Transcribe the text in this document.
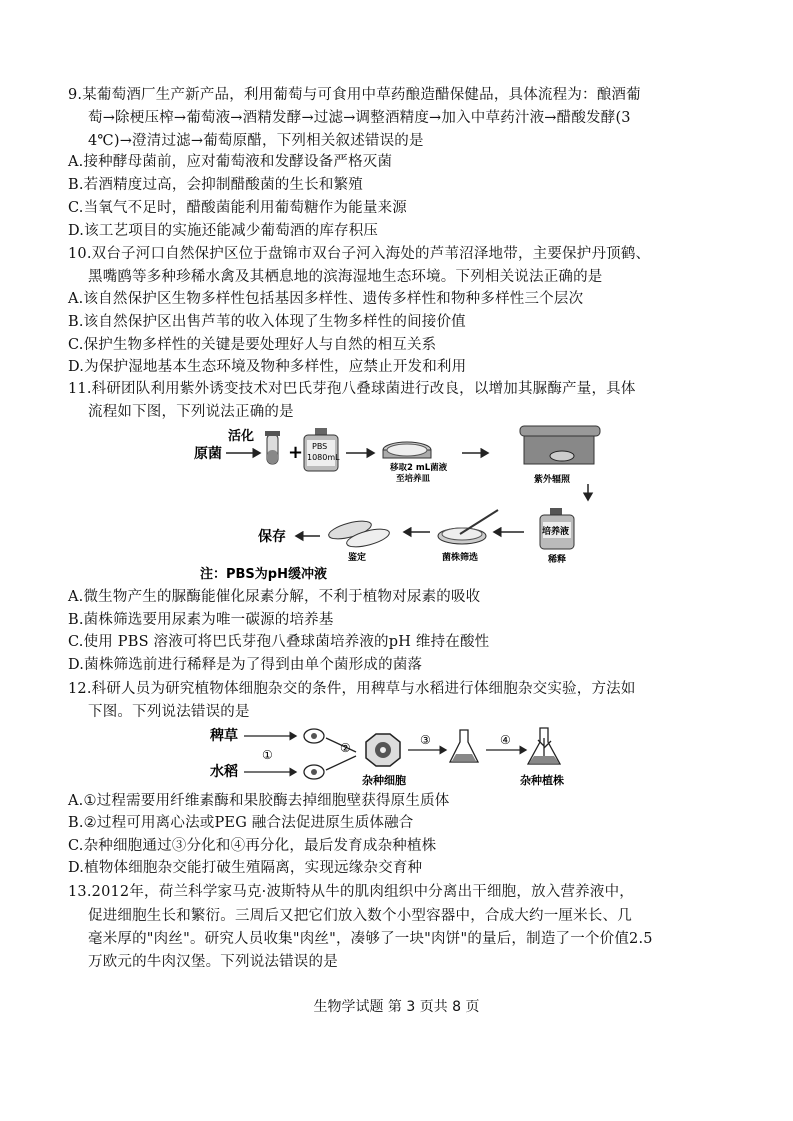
9.某葡萄酒厂生产新产品，利用葡萄与可食用中草药酿造醋保健品，具体流程为：酿酒葡
萄→除梗压榨→葡萄液→酒精发酵→过滤→调整酒精度→加入中草药汁液→醋酸发酵(3
4℃)→澄清过滤→葡萄原醋，下列相关叙述错误的是
A.接种酵母菌前，应对葡萄液和发酵设备严格灭菌
B.若酒精度过高，会抑制醋酸菌的生长和繁殖
C.当氧气不足时，醋酸菌能利用葡萄糖作为能量来源
D.该工艺项目的实施还能减少葡萄酒的库存积压
10.双台子河口自然保护区位于盘锦市双台子河入海处的芦苇沼泽地带，主要保护丹顶鹤、
黑嘴鸥等多种珍稀水禽及其栖息地的滨海湿地生态环境。下列相关说法正确的是
A.该自然保护区生物多样性包括基因多样性、遗传多样性和物种多样性三个层次
B.该自然保护区出售芦苇的收入体现了生物多样性的间接价值
C.保护生物多样性的关键是要处理好人与自然的相互关系
D.为保护湿地基本生态环境及物种多样性，应禁止开发和利用
11.科研团队利用紫外诱变技术对巴氏芽孢八叠球菌进行改良，以增加其脲酶产量，具体
流程如下图，下列说法正确的是
原菌
活化
+ PBS
1080mL
移取2 mL菌液
至培养皿	紫外辐照
培养液
稀释
菌株筛选
鉴定
保存
注：PBS为pH缓冲液
A.微生物产生的脲酶能催化尿素分解，不利于植物对尿素的吸收
B.菌株筛选要用尿素为唯一碳源的培养基
C.使用 PBS 溶液可将巴氏芽孢八叠球菌培养液的pH 维持在酸性
D.菌株筛选前进行稀释是为了得到由单个菌形成的菌落
12.科研人员为研究植物体细胞杂交的条件，用稗草与水稻进行体细胞杂交实验，方法如
下图。下列说法错误的是
稗草
水稻
①	②
杂种细胞
③	④
杂种植株
A.①过程需要用纤维素酶和果胶酶去掉细胞壁获得原生质体
B.②过程可用离心法或PEG 融合法促进原生质体融合
C.杂种细胞通过③分化和④再分化，最后发育成杂种植株
D.植物体细胞杂交能打破生殖隔离，实现远缘杂交育种
13.2012年，荷兰科学家马克·波斯特从牛的肌肉组织中分离出干细胞，放入营养液中，
促进细胞生长和繁衍。三周后又把它们放入数个小型容器中，合成大约一厘米长、几
毫米厚的"肉丝"。研究人员收集"肉丝"，凑够了一块"肉饼"的量后，制造了一个价值2.5
万欧元的牛肉汉堡。下列说法错误的是
生物学试题 第 3 页共 8 页
